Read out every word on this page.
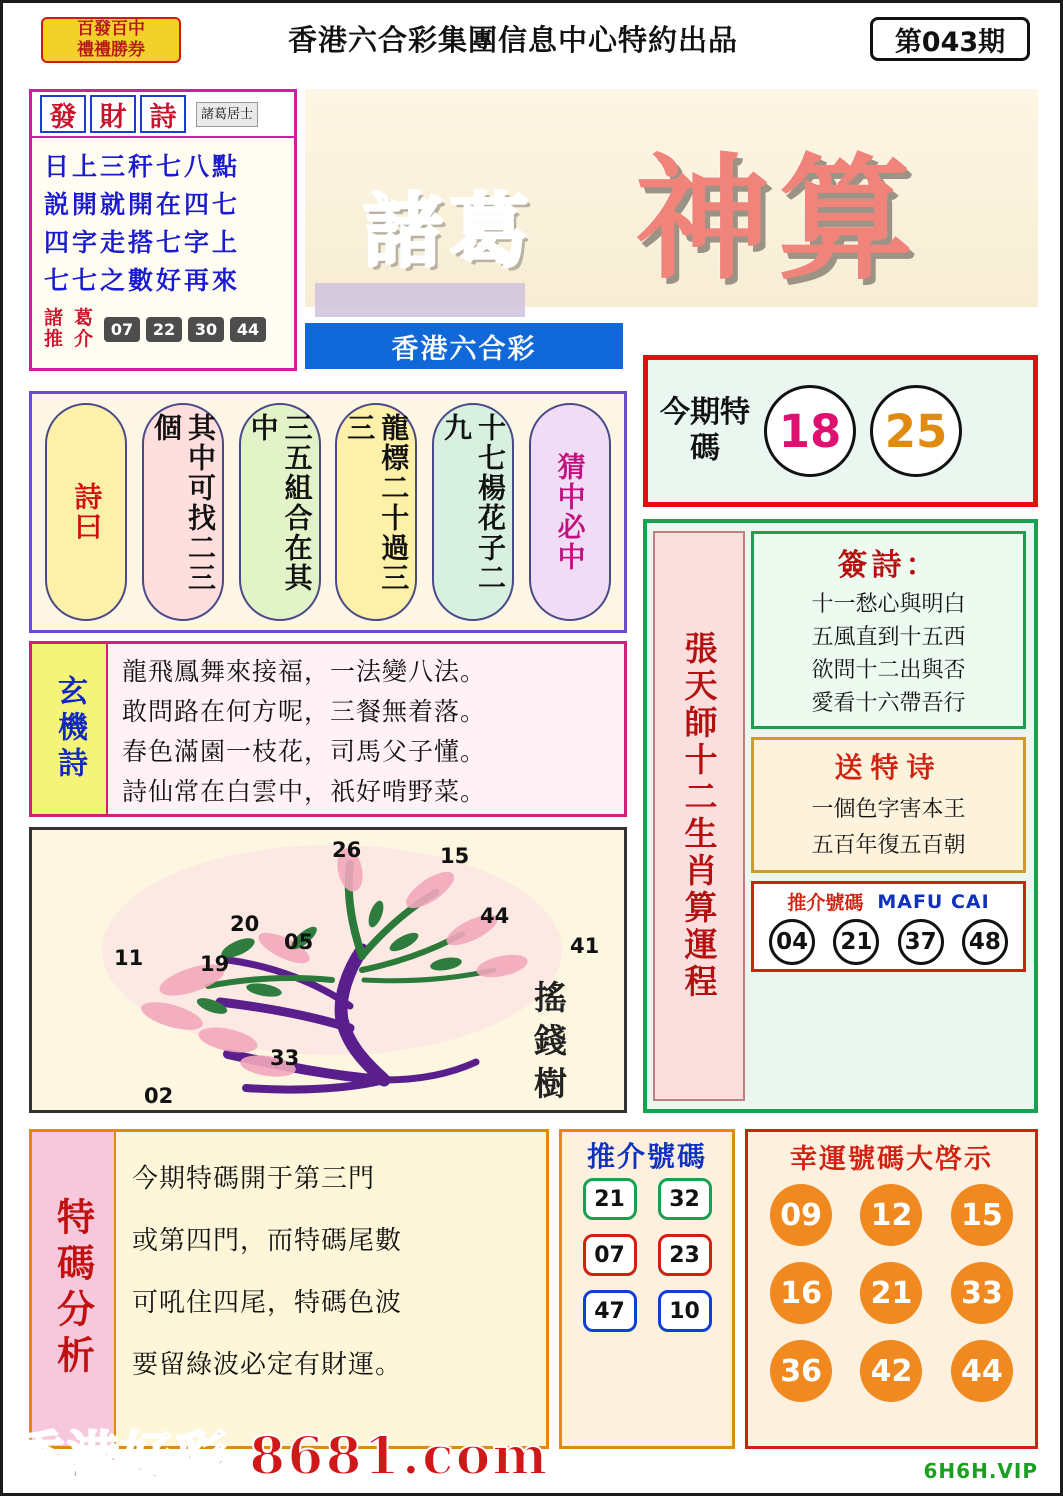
百發百中
禮禮勝券	香港六合彩集團信息中心特約出品	第043期
發 財 詩	諸葛居士
日上三秆七八點
説開就開在四七
四字走搭七字上
七七之數好再來
諸 葛
推 介	07	22	30	44
諸葛 神算
香港六合彩
今期特碼	18 25
詩曰	其中可找二三個	三五組合在其中	龍標二十過三三	十七楊花子二九
猜中必中
玄機詩
龍飛鳳舞來接福，一法變八法。
敢問路在何方呢，三餐無着落。
春色滿園一枝花，司馬父子懂。
詩仙常在白雲中，祇好啃野菜。
26	15
44
41
20
05
19
11
33
02	搖錢樹
張天師十二生肖算運程
簽詩：
十一愁心與明白
五風直到十五西
欲問十二出與否
愛看十六帶吾行
送特诗
一個色字害本王
五百年復五百朝
推介號碼 MAFU CAI
04	21	37	48
特碼分析
今期特碼開于第三門
或第四門，而特碼尾數
可吼住四尾，特碼色波
要留綠波必定有財運。
推介號碼
21	32
07	23
47	10
幸運號碼大啓示
09	12	15
16	21	33
36	42	44
香港好彩 8681.com	6H6H.VIP
